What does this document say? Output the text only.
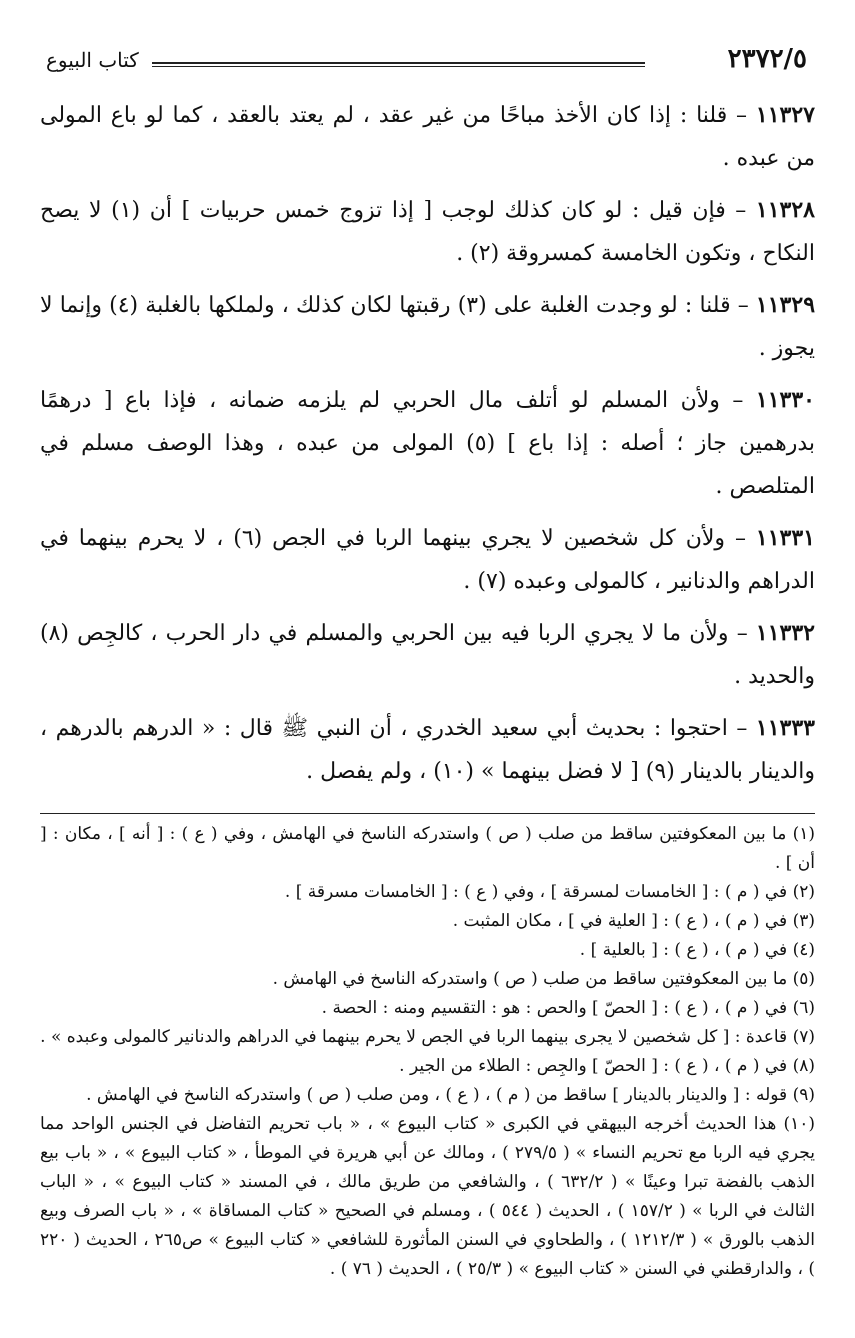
كتاب البيوع	٢٣٧٢/٥

١١٣٢٧ – قلنا : إذا كان الأخذ مباحًا من غير عقد ، لم يعتد بالعقد ، كما لو باع المولى من عبده .

١١٣٢٨ – فإن قيل : لو كان كذلك لوجب [ إذا تزوج خمس حربيات ] أن (١) لا يصح النكاح ، وتكون الخامسة كمسروقة (٢) .

١١٣٢٩ – قلنا : لو وجدت الغلبة على (٣) رقبتها لكان كذلك ، ولملكها بالغلبة (٤) وإنما لا يجوز .

١١٣٣٠ – ولأن المسلم لو أتلف مال الحربي لم يلزمه ضمانه ، فإذا باع [ درهمًا بدرهمين جاز ؛ أصله : إذا باع ] (٥) المولى من عبده ، وهذا الوصف مسلم في المتلصص .

١١٣٣١ – ولأن كل شخصين لا يجري بينهما الربا في الجص (٦) ، لا يحرم بينهما في الدراهم والدنانير ، كالمولى وعبده (٧) .

١١٣٣٢ – ولأن ما لا يجري الربا فيه بين الحربي والمسلم في دار الحرب ، كالجِص (٨) والحديد .

١١٣٣٣ – احتجوا : بحديث أبي سعيد الخدري ، أن النبي ﷺ قال : « الدرهم بالدرهم ، والدينار بالدينار (٩) [ لا فضل بينهما » (١٠) ، ولم يفصل .

(١) ما بين المعكوفتين ساقط من صلب ( ص ) واستدركه الناسخ في الهامش ، وفي ( ع ) : [ أنه ] ، مكان : [ أن ] .

(٢) في ( م ) : [ الخامسات لمسرقة ] ، وفي ( ع ) : [ الخامسات مسرقة ] .

(٣) في ( م ) ، ( ع ) : [ العلية في ] ، مكان المثبت .

(٤) في ( م ) ، ( ع ) : [ بالعلية ] .

(٥) ما بين المعكوفتين ساقط من صلب ( ص ) واستدركه الناسخ في الهامش .

(٦) في ( م ) ، ( ع ) : [ الحصّ ] والحص : هو : التقسيم ومنه : الحصة .

(٧) قاعدة : [ كل شخصين لا يجرى بينهما الربا في الجص لا يحرم بينهما في الدراهم والدنانير كالمولى وعبده » .

(٨) في ( م ) ، ( ع ) : [ الحصّ ] والجِص : الطلاء من الجير .

(٩) قوله : [ والدينار بالدينار ] ساقط من ( م ) ، ( ع ) ، ومن صلب ( ص ) واستدركه الناسخ في الهامش .

(١٠) هذا الحديث أخرجه البيهقي في الكبرى « كتاب البيوع » ، « باب تحريم التفاضل في الجنس الواحد مما يجري فيه الربا مع تحريم النساء » ( ٢٧٩/٥ ) ، ومالك عن أبي هريرة في الموطأ ، « كتاب البيوع » ، « باب بيع الذهب بالفضة تبرا وعينًا » ( ٦٣٢/٢ ) ، والشافعي من طريق مالك ، في المسند « كتاب البيوع » ، « الباب الثالث في الربا » ( ١٥٧/٢ ) ، الحديث ( ٥٤٤ ) ، ومسلم في الصحيح « كتاب المساقاة » ، « باب الصرف وبيع الذهب بالورق » ( ١٢١٢/٣ ) ، والطحاوي في السنن المأثورة للشافعي « كتاب البيوع » ص٢٦٥ ، الحديث ( ٢٢٠ ) ، والدارقطني في السنن « كتاب البيوع » ( ٢٥/٣ ) ، الحديث ( ٧٦ ) .
